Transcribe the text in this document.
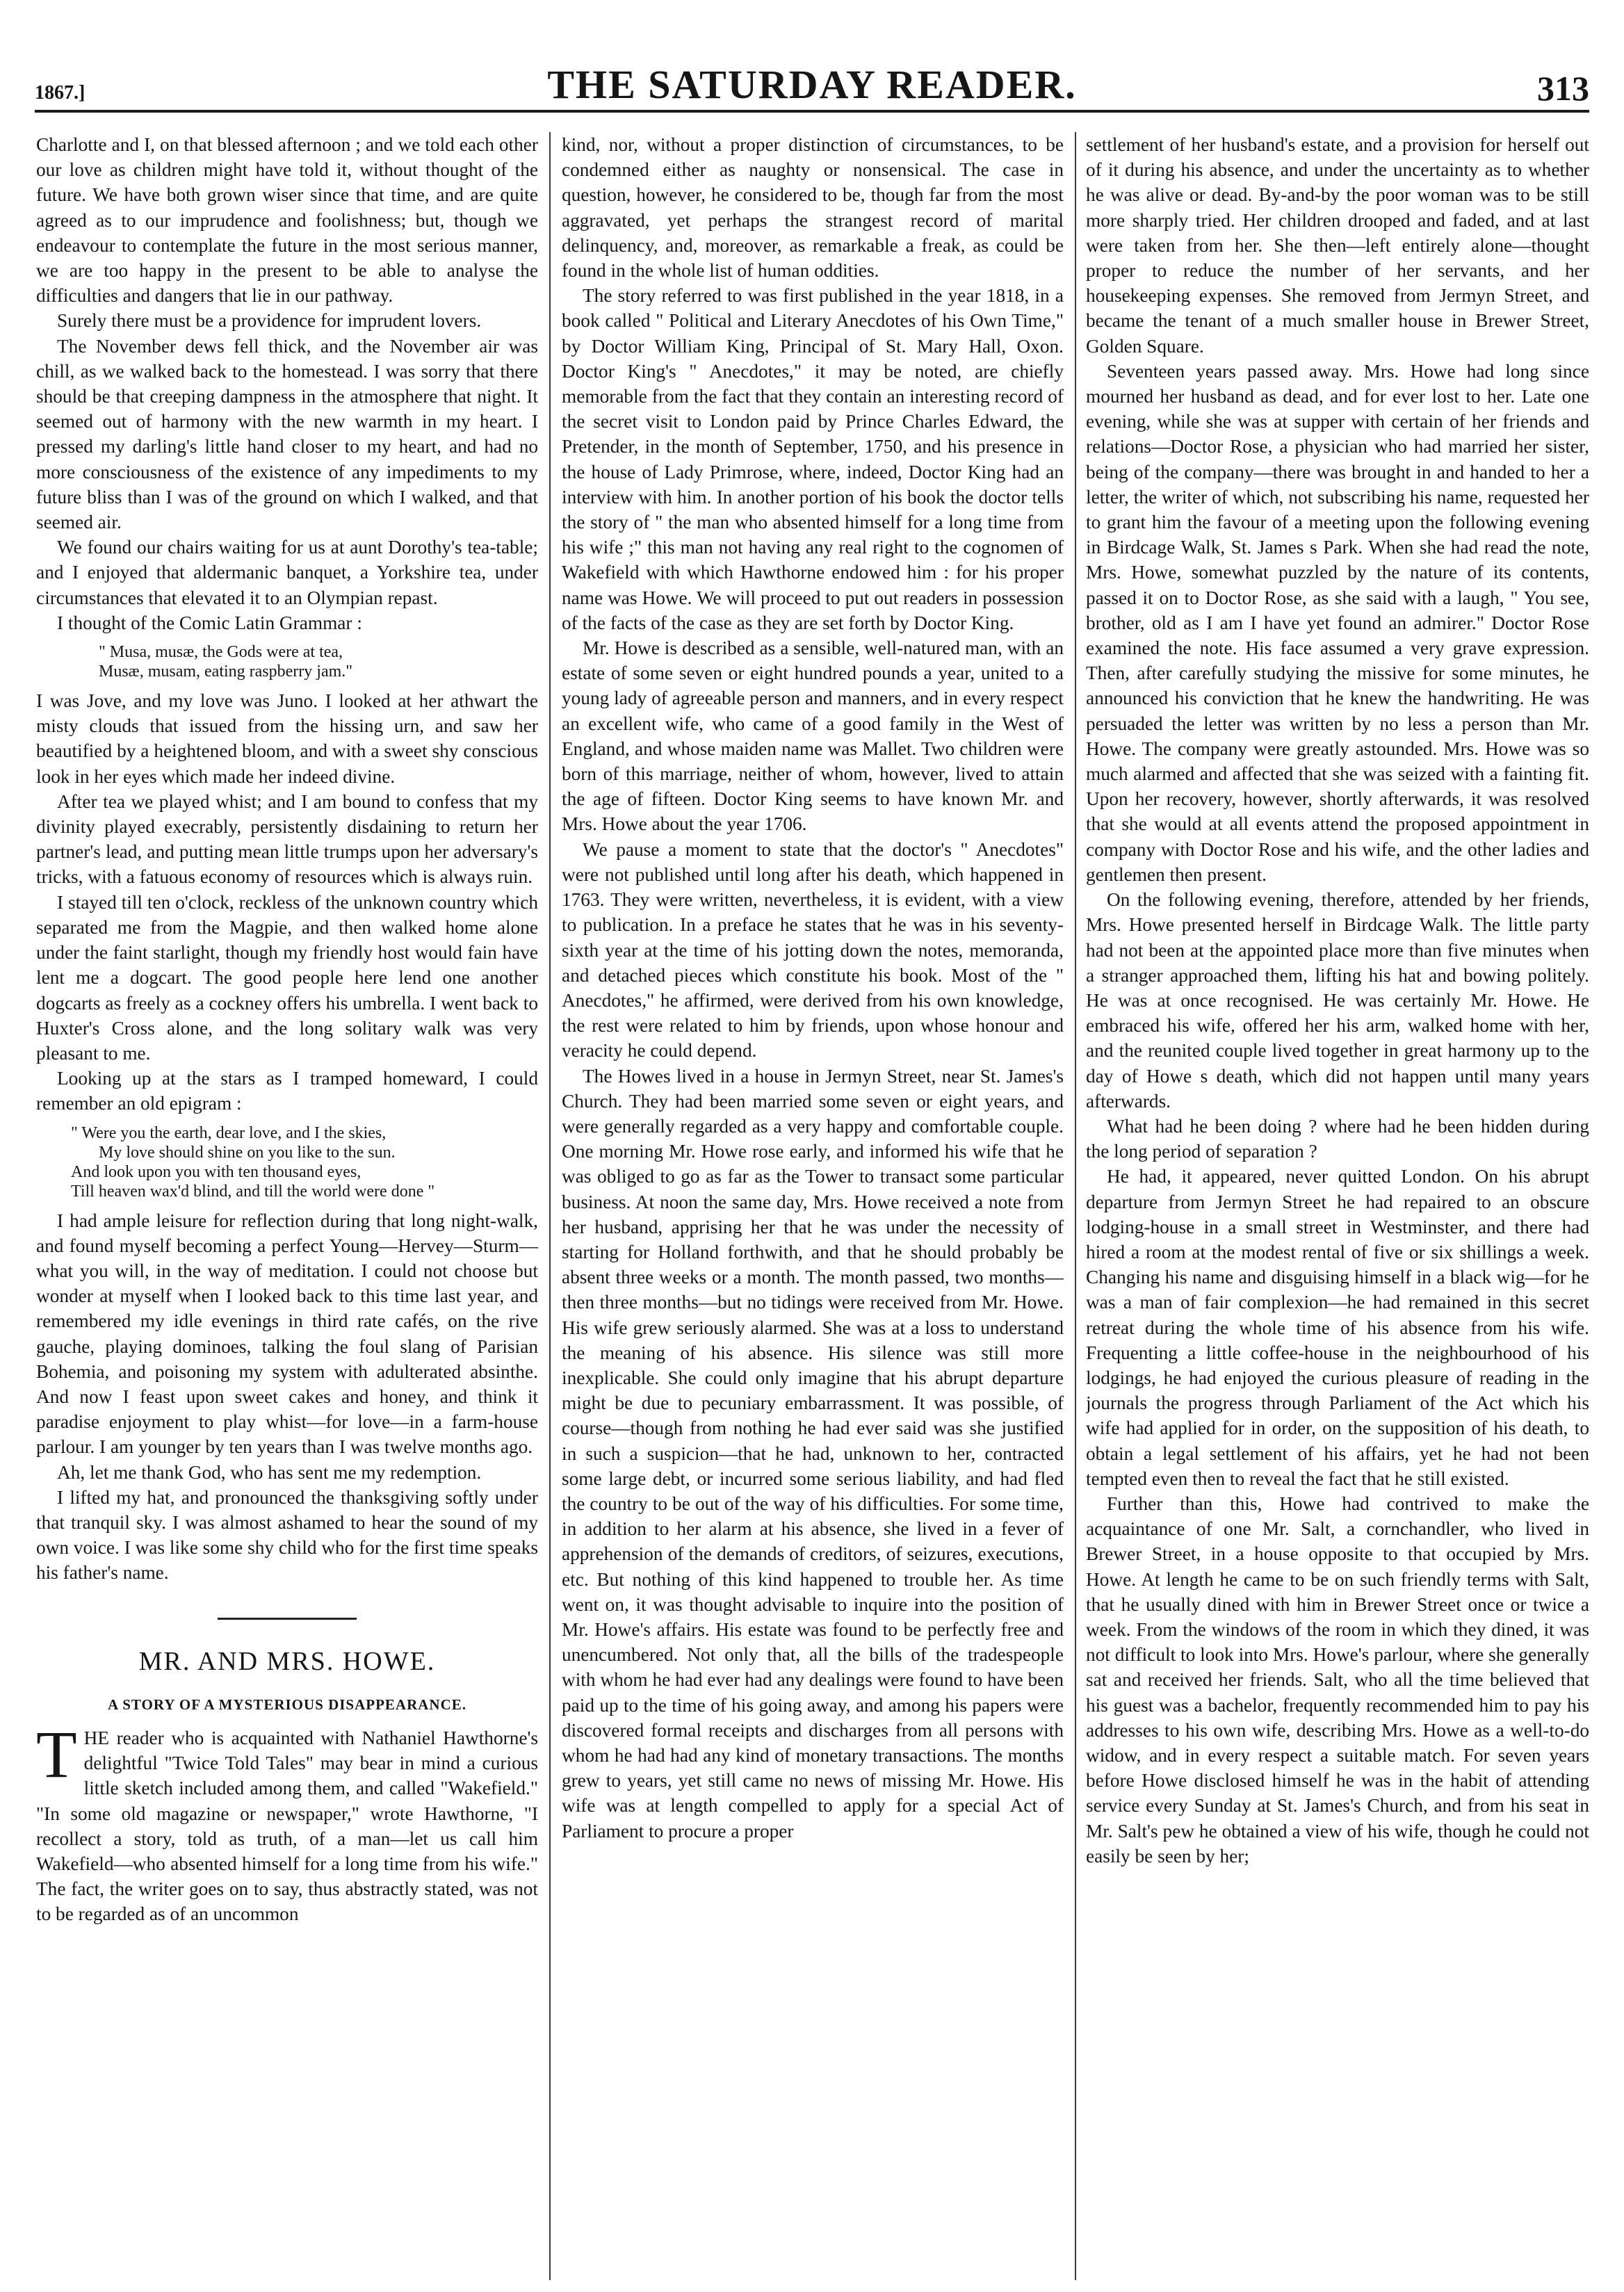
1867.]	THE SATURDAY READER.	313

Charlotte and I, on that blessed afternoon ; and we told each other our love as children might have told it, without thought of the future. We have both grown wiser since that time, and are quite agreed as to our imprudence and foolishness; but, though we endeavour to contemplate the future in the most serious manner, we are too happy in the present to be able to analyse the difficulties and dangers that lie in our pathway.

Surely there must be a providence for imprudent lovers.

The November dews fell thick, and the November air was chill, as we walked back to the homestead. I was sorry that there should be that creeping dampness in the atmosphere that night. It seemed out of harmony with the new warmth in my heart. I pressed my darling's little hand closer to my heart, and had no more consciousness of the existence of any impediments to my future bliss than I was of the ground on which I walked, and that seemed air.

We found our chairs waiting for us at aunt Dorothy's tea-table; and I enjoyed that aldermanic banquet, a Yorkshire tea, under circumstances that elevated it to an Olympian repast.

I thought of the Comic Latin Grammar :

" Musa, musæ, the Gods were at tea,
Musæ, musam, eating raspberry jam."

I was Jove, and my love was Juno. I looked at her athwart the misty clouds that issued from the hissing urn, and saw her beautified by a heightened bloom, and with a sweet shy conscious look in her eyes which made her indeed divine.

After tea we played whist; and I am bound to confess that my divinity played execrably, persistently disdaining to return her partner's lead, and putting mean little trumps upon her adversary's tricks, with a fatuous economy of resources which is always ruin.

I stayed till ten o'clock, reckless of the unknown country which separated me from the Magpie, and then walked home alone under the faint starlight, though my friendly host would fain have lent me a dogcart. The good people here lend one another dogcarts as freely as a cockney offers his umbrella. I went back to Huxter's Cross alone, and the long solitary walk was very pleasant to me.

Looking up at the stars as I tramped homeward, I could remember an old epigram :

" Were you the earth, dear love, and I the skies,
My love should shine on you like to the sun.
And look upon you with ten thousand eyes,
Till heaven wax'd blind, and till the world were done "

I had ample leisure for reflection during that long night-walk, and found myself becoming a perfect Young—Hervey—Sturm—what you will, in the way of meditation. I could not choose but wonder at myself when I looked back to this time last year, and remembered my idle evenings in third rate cafés, on the rive gauche, playing dominoes, talking the foul slang of Parisian Bohemia, and poisoning my system with adulterated absinthe. And now I feast upon sweet cakes and honey, and think it paradise enjoyment to play whist—for love—in a farm-house parlour. I am younger by ten years than I was twelve months ago.

Ah, let me thank God, who has sent me my redemption.

I lifted my hat, and pronounced the thanksgiving softly under that tranquil sky. I was almost ashamed to hear the sound of my own voice. I was like some shy child who for the first time speaks his father's name.

MR. AND MRS. HOWE.
A STORY OF A MYSTERIOUS DISAPPEARANCE.

THE reader who is acquainted with Nathaniel Hawthorne's delightful "Twice Told Tales" may bear in mind a curious little sketch included among them, and called "Wakefield." "In some old magazine or newspaper," wrote Hawthorne, "I recollect a story, told as truth, of a man—let us call him Wakefield—who absented himself for a long time from his wife." The fact, the writer goes on to say, thus abstractly stated, was not to be regarded as of an uncommon

kind, nor, without a proper distinction of circumstances, to be condemned either as naughty or nonsensical. The case in question, however, he considered to be, though far from the most aggravated, yet perhaps the strangest record of marital delinquency, and, moreover, as remarkable a freak, as could be found in the whole list of human oddities.

The story referred to was first published in the year 1818, in a book called " Political and Literary Anecdotes of his Own Time," by Doctor William King, Principal of St. Mary Hall, Oxon. Doctor King's " Anecdotes," it may be noted, are chiefly memorable from the fact that they contain an interesting record of the secret visit to London paid by Prince Charles Edward, the Pretender, in the month of September, 1750, and his presence in the house of Lady Primrose, where, indeed, Doctor King had an interview with him. In another portion of his book the doctor tells the story of " the man who absented himself for a long time from his wife ;" this man not having any real right to the cognomen of Wakefield with which Hawthorne endowed him : for his proper name was Howe. We will proceed to put out readers in possession of the facts of the case as they are set forth by Doctor King.

Mr. Howe is described as a sensible, well-natured man, with an estate of some seven or eight hundred pounds a year, united to a young lady of agreeable person and manners, and in every respect an excellent wife, who came of a good family in the West of England, and whose maiden name was Mallet. Two children were born of this marriage, neither of whom, however, lived to attain the age of fifteen. Doctor King seems to have known Mr. and Mrs. Howe about the year 1706.

We pause a moment to state that the doctor's " Anecdotes" were not published until long after his death, which happened in 1763. They were written, nevertheless, it is evident, with a view to publication. In a preface he states that he was in his seventy-sixth year at the time of his jotting down the notes, memoranda, and detached pieces which constitute his book. Most of the " Anecdotes," he affirmed, were derived from his own knowledge, the rest were related to him by friends, upon whose honour and veracity he could depend.

The Howes lived in a house in Jermyn Street, near St. James's Church. They had been married some seven or eight years, and were generally regarded as a very happy and comfortable couple. One morning Mr. Howe rose early, and informed his wife that he was obliged to go as far as the Tower to transact some particular business. At noon the same day, Mrs. Howe received a note from her husband, apprising her that he was under the necessity of starting for Holland forthwith, and that he should probably be absent three weeks or a month. The month passed, two months—then three months—but no tidings were received from Mr. Howe. His wife grew seriously alarmed. She was at a loss to understand the meaning of his absence. His silence was still more inexplicable. She could only imagine that his abrupt departure might be due to pecuniary embarrassment. It was possible, of course—though from nothing he had ever said was she justified in such a suspicion—that he had, unknown to her, contracted some large debt, or incurred some serious liability, and had fled the country to be out of the way of his difficulties. For some time, in addition to her alarm at his absence, she lived in a fever of apprehension of the demands of creditors, of seizures, executions, etc. But nothing of this kind happened to trouble her. As time went on, it was thought advisable to inquire into the position of Mr. Howe's affairs. His estate was found to be perfectly free and unencumbered. Not only that, all the bills of the tradespeople with whom he had ever had any dealings were found to have been paid up to the time of his going away, and among his papers were discovered formal receipts and discharges from all persons with whom he had had any kind of monetary transactions. The months grew to years, yet still came no news of missing Mr. Howe. His wife was at length compelled to apply for a special Act of Parliament to procure a proper

settlement of her husband's estate, and a provision for herself out of it during his absence, and under the uncertainty as to whether he was alive or dead. By-and-by the poor woman was to be still more sharply tried. Her children drooped and faded, and at last were taken from her. She then—left entirely alone—thought proper to reduce the number of her servants, and her housekeeping expenses. She removed from Jermyn Street, and became the tenant of a much smaller house in Brewer Street, Golden Square.

Seventeen years passed away. Mrs. Howe had long since mourned her husband as dead, and for ever lost to her. Late one evening, while she was at supper with certain of her friends and relations—Doctor Rose, a physician who had married her sister, being of the company—there was brought in and handed to her a letter, the writer of which, not subscribing his name, requested her to grant him the favour of a meeting upon the following evening in Birdcage Walk, St. James s Park. When she had read the note, Mrs. Howe, somewhat puzzled by the nature of its contents, passed it on to Doctor Rose, as she said with a laugh, " You see, brother, old as I am I have yet found an admirer." Doctor Rose examined the note. His face assumed a very grave expression. Then, after carefully studying the missive for some minutes, he announced his conviction that he knew the handwriting. He was persuaded the letter was written by no less a person than Mr. Howe. The company were greatly astounded. Mrs. Howe was so much alarmed and affected that she was seized with a fainting fit. Upon her recovery, however, shortly afterwards, it was resolved that she would at all events attend the proposed appointment in company with Doctor Rose and his wife, and the other ladies and gentlemen then present.

On the following evening, therefore, attended by her friends, Mrs. Howe presented herself in Birdcage Walk. The little party had not been at the appointed place more than five minutes when a stranger approached them, lifting his hat and bowing politely. He was at once recognised. He was certainly Mr. Howe. He embraced his wife, offered her his arm, walked home with her, and the reunited couple lived together in great harmony up to the day of Howe s death, which did not happen until many years afterwards.

What had he been doing ? where had he been hidden during the long period of separation ?

He had, it appeared, never quitted London. On his abrupt departure from Jermyn Street he had repaired to an obscure lodging-house in a small street in Westminster, and there had hired a room at the modest rental of five or six shillings a week. Changing his name and disguising himself in a black wig—for he was a man of fair complexion—he had remained in this secret retreat during the whole time of his absence from his wife. Frequenting a little coffee-house in the neighbourhood of his lodgings, he had enjoyed the curious pleasure of reading in the journals the progress through Parliament of the Act which his wife had applied for in order, on the supposition of his death, to obtain a legal settlement of his affairs, yet he had not been tempted even then to reveal the fact that he still existed.

Further than this, Howe had contrived to make the acquaintance of one Mr. Salt, a cornchandler, who lived in Brewer Street, in a house opposite to that occupied by Mrs. Howe. At length he came to be on such friendly terms with Salt, that he usually dined with him in Brewer Street once or twice a week. From the windows of the room in which they dined, it was not difficult to look into Mrs. Howe's parlour, where she generally sat and received her friends. Salt, who all the time believed that his guest was a bachelor, frequently recommended him to pay his addresses to his own wife, describing Mrs. Howe as a well-to-do widow, and in every respect a suitable match. For seven years before Howe disclosed himself he was in the habit of attending service every Sunday at St. James's Church, and from his seat in Mr. Salt's pew he obtained a view of his wife, though he could not easily be seen by her;
